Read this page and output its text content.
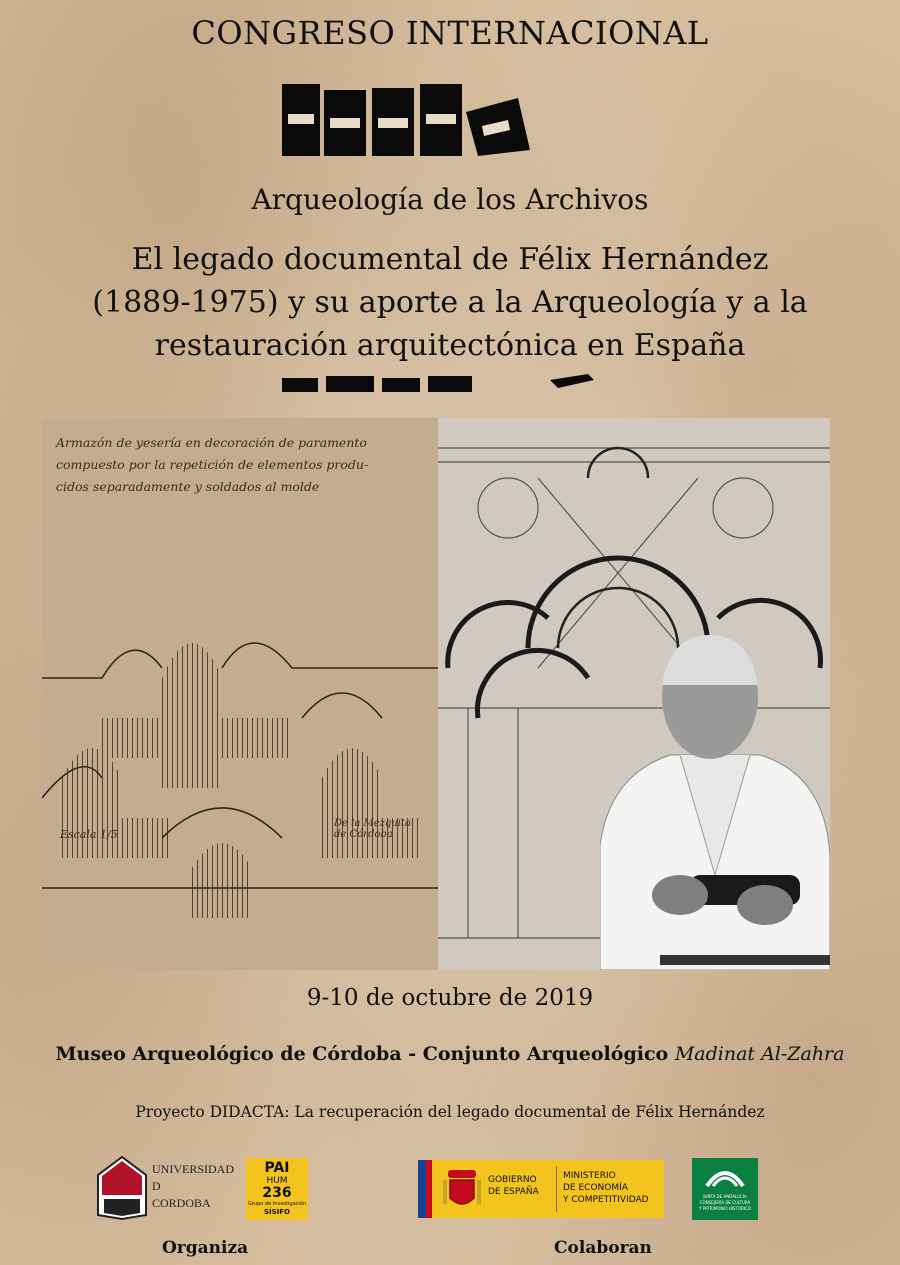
CONGRESO INTERNACIONAL
Arqueología de los Archivos
El legado documental de Félix Hernández
(1889-1975) y su aporte a la Arqueología y a la
restauración arquitectónica en España
Armazón de yesería en decoración de paramento
compuesto por la repetición de elementos produ-
cidos separadamente y soldados al molde
Escala 1/5
De la Mezquita de Córdoba
9-10 de octubre de 2019
Museo Arqueológico de Córdoba - Conjunto Arqueológico Madinat Al-Zahra
Proyecto DIDACTA: La recuperación del legado documental de Félix Hernández
UNIVERSIDAD
D
CORDOBA
PAI
HUM
236
Grupo de Investigación
SÍSIFO
GOBIERNO
DE ESPAÑA
MINISTERIO
DE ECONOMÍA
Y COMPETITIVIDAD	JUNTA DE ANDALUCIA
CONSEJERÍA DE CULTURA
Y PATRIMONIO HISTÓRICO
Organiza	Colaboran
